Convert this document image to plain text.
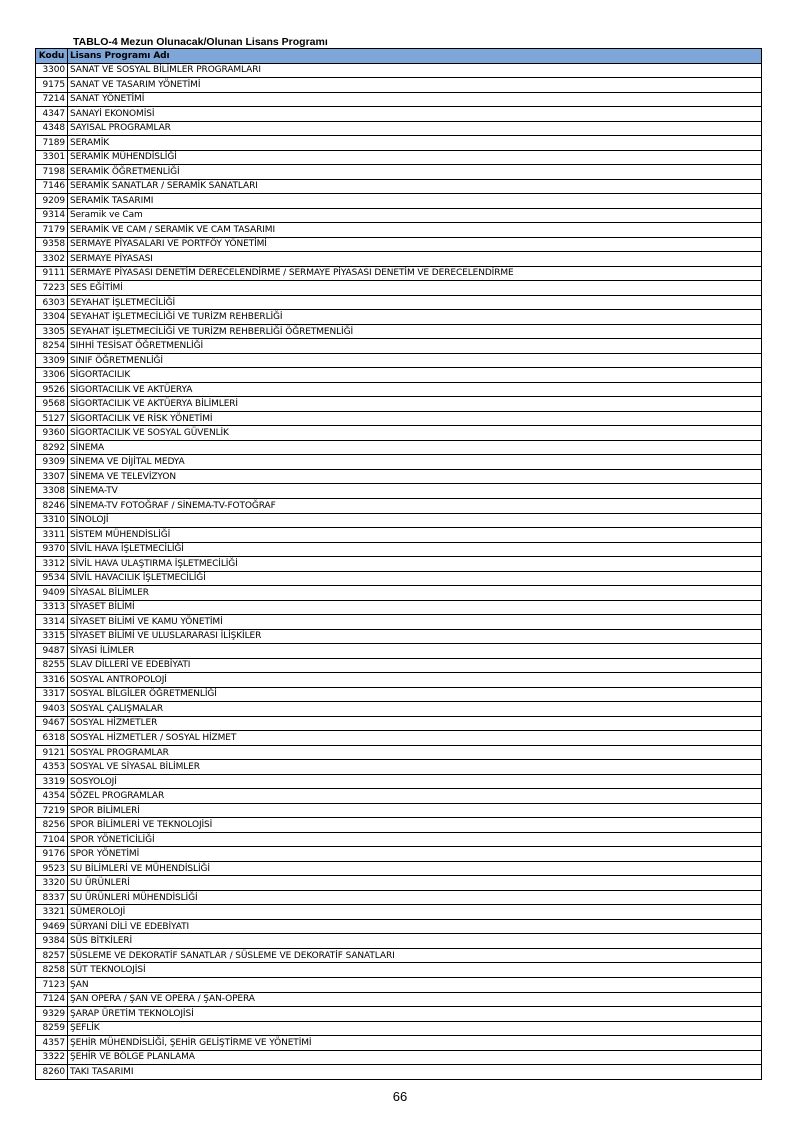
TABLO-4 Mezun Olunacak/Olunan Lisans Programı
Kodu	Lisans Programı Adı
3300	SANAT VE SOSYAL BİLİMLER PROGRAMLARI
9175	SANAT VE TASARIM YÖNETİMİ
7214	SANAT YÖNETİMİ
4347	SANAYİ EKONOMİSİ
4348	SAYISAL PROGRAMLAR
7189	SERAMİK
3301	SERAMİK MÜHENDİSLİĞİ
7198	SERAMİK ÖĞRETMENLİĞİ
7146	SERAMİK SANATLAR / SERAMİK SANATLARI
9209	SERAMİK TASARIMI
9314	Seramik ve Cam
7179	SERAMİK VE CAM / SERAMİK VE CAM TASARIMI
9358	SERMAYE PİYASALARI VE PORTFÖY YÖNETİMİ
3302	SERMAYE PİYASASI
9111	SERMAYE PİYASASI DENETİM DERECELENDİRME / SERMAYE PİYASASI DENETİM VE DERECELENDİRME
7223	SES EĞİTİMİ
6303	SEYAHAT İŞLETMECİLİĞİ
3304	SEYAHAT İŞLETMECİLİĞİ VE TURİZM REHBERLİĞİ
3305	SEYAHAT İŞLETMECİLİĞİ VE TURİZM REHBERLİĞİ ÖĞRETMENLİĞİ
8254	SIHHİ TESİSAT ÖĞRETMENLİĞİ
3309	SINIF ÖĞRETMENLİĞİ
3306	SİGORTACILIK
9526	SİGORTACILIK VE AKTÜERYA
9568	SİGORTACILIK VE AKTÜERYA BİLİMLERİ
5127	SİGORTACILIK VE RİSK YÖNETİMİ
9360	SİGORTACILIK VE SOSYAL GÜVENLİK
8292	SİNEMA
9309	SİNEMA VE DİJİTAL MEDYA
3307	SİNEMA VE TELEVİZYON
3308	SİNEMA-TV
8246	SİNEMA-TV FOTOĞRAF / SİNEMA-TV-FOTOĞRAF
3310	SİNOLOJİ
3311	SİSTEM MÜHENDİSLİĞİ
9370	SİVİL HAVA İŞLETMECİLİĞİ
3312	SİVİL HAVA ULAŞTIRMA İŞLETMECİLİĞİ
9534	SİVİL HAVACILIK İŞLETMECİLİĞİ
9409	SİYASAL BİLİMLER
3313	SİYASET BİLİMİ
3314	SİYASET BİLİMİ VE KAMU YÖNETİMİ
3315	SİYASET BİLİMİ VE ULUSLARARASI İLİŞKİLER
9487	SİYASİ İLİMLER
8255	SLAV DİLLERİ VE EDEBİYATI
3316	SOSYAL ANTROPOLOJİ
3317	SOSYAL BİLGİLER ÖĞRETMENLİĞİ
9403	SOSYAL ÇALIŞMALAR
9467	SOSYAL HİZMETLER
6318	SOSYAL HİZMETLER / SOSYAL HİZMET
9121	SOSYAL PROGRAMLAR
4353	SOSYAL VE SİYASAL BİLİMLER
3319	SOSYOLOJİ
4354	SÖZEL PROGRAMLAR
7219	SPOR BİLİMLERİ
8256	SPOR BİLİMLERİ VE TEKNOLOJİSİ
7104	SPOR YÖNETİCİLİĞİ
9176	SPOR YÖNETİMİ
9523	SU BİLİMLERİ VE MÜHENDİSLİĞİ
3320	SU ÜRÜNLERİ
8337	SU ÜRÜNLERİ MÜHENDİSLİĞİ
3321	SÜMEROLOJİ
9469	SÜRYANİ DİLİ VE EDEBİYATI
9384	SÜS BİTKİLERİ
8257	SÜSLEME VE DEKORATİF SANATLAR / SÜSLEME VE DEKORATİF SANATLARI
8258	SÜT TEKNOLOJİSİ
7123	ŞAN
7124	ŞAN OPERA / ŞAN VE OPERA / ŞAN-OPERA
9329	ŞARAP ÜRETİM TEKNOLOJİSİ
8259	ŞEFLİK
4357	ŞEHİR MÜHENDİSLİĞİ, ŞEHİR GELİŞTİRME VE YÖNETİMİ
3322	ŞEHİR VE BÖLGE PLANLAMA
8260	TAKI TASARIMI
66
